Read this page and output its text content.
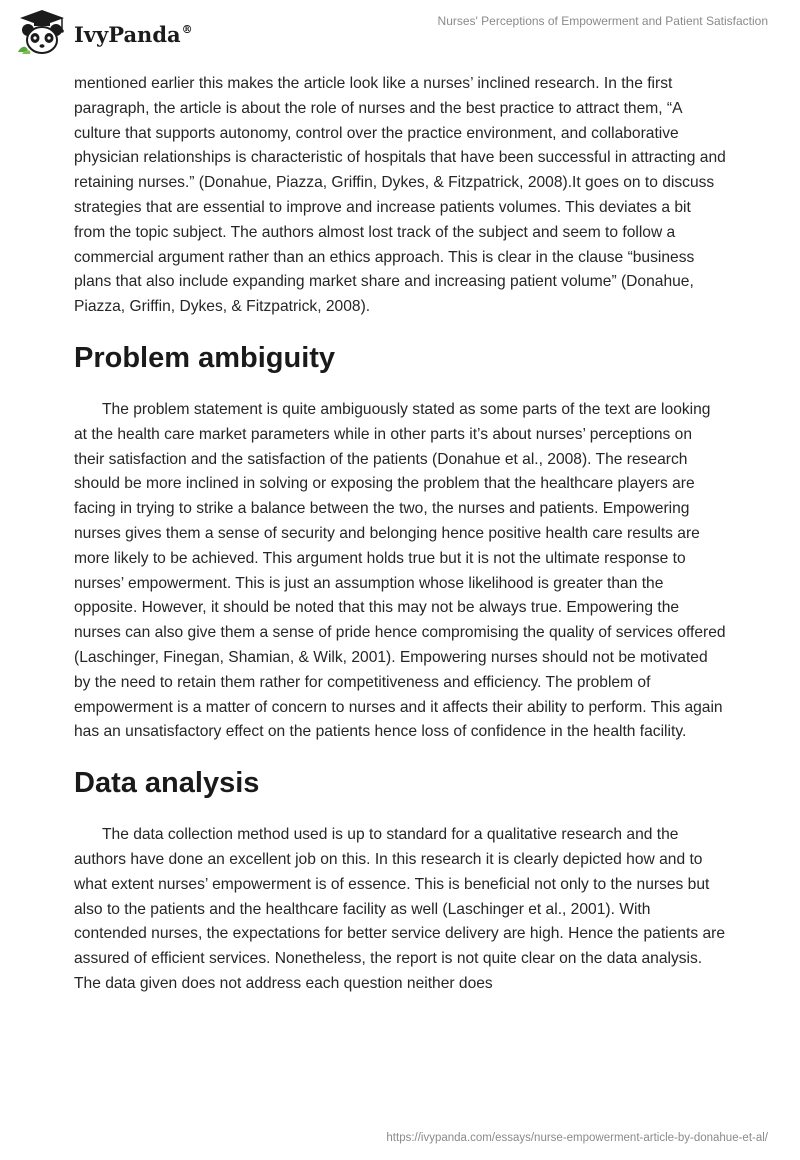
IvyPanda®
Nurses' Perceptions of Empowerment and Patient Satisfaction

mentioned earlier this makes the article look like a nurses’ inclined research. In the first paragraph, the article is about the role of nurses and the best practice to attract them, “A culture that supports autonomy, control over the practice environment, and collaborative physician relationships is characteristic of hospitals that have been successful in attracting and retaining nurses.” (Donahue, Piazza, Griffin, Dykes, & Fitzpatrick, 2008).It goes on to discuss strategies that are essential to improve and increase patients volumes. This deviates a bit from the topic subject. The authors almost lost track of the subject and seem to follow a commercial argument rather than an ethics approach. This is clear in the clause “business plans that also include expanding market share and increasing patient volume” (Donahue, Piazza, Griffin, Dykes, & Fitzpatrick, 2008).

Problem ambiguity

The problem statement is quite ambiguously stated as some parts of the text are looking at the health care market parameters while in other parts it’s about nurses’ perceptions on their satisfaction and the satisfaction of the patients (Donahue et al., 2008). The research should be more inclined in solving or exposing the problem that the healthcare players are facing in trying to strike a balance between the two, the nurses and patients. Empowering nurses gives them a sense of security and belonging hence positive health care results are more likely to be achieved. This argument holds true but it is not the ultimate response to nurses’ empowerment. This is just an assumption whose likelihood is greater than the opposite. However, it should be noted that this may not be always true. Empowering the nurses can also give them a sense of pride hence compromising the quality of services offered (Laschinger, Finegan, Shamian, & Wilk, 2001). Empowering nurses should not be motivated by the need to retain them rather for competitiveness and efficiency. The problem of empowerment is a matter of concern to nurses and it affects their ability to perform. This again has an unsatisfactory effect on the patients hence loss of confidence in the health facility.

Data analysis

The data collection method used is up to standard for a qualitative research and the authors have done an excellent job on this. In this research it is clearly depicted how and to what extent nurses’ empowerment is of essence. This is beneficial not only to the nurses but also to the patients and the healthcare facility as well (Laschinger et al., 2001). With contended nurses, the expectations for better service delivery are high. Hence the patients are assured of efficient services. Nonetheless, the report is not quite clear on the data analysis. The data given does not address each question neither does

https://ivypanda.com/essays/nurse-empowerment-article-by-donahue-et-al/
